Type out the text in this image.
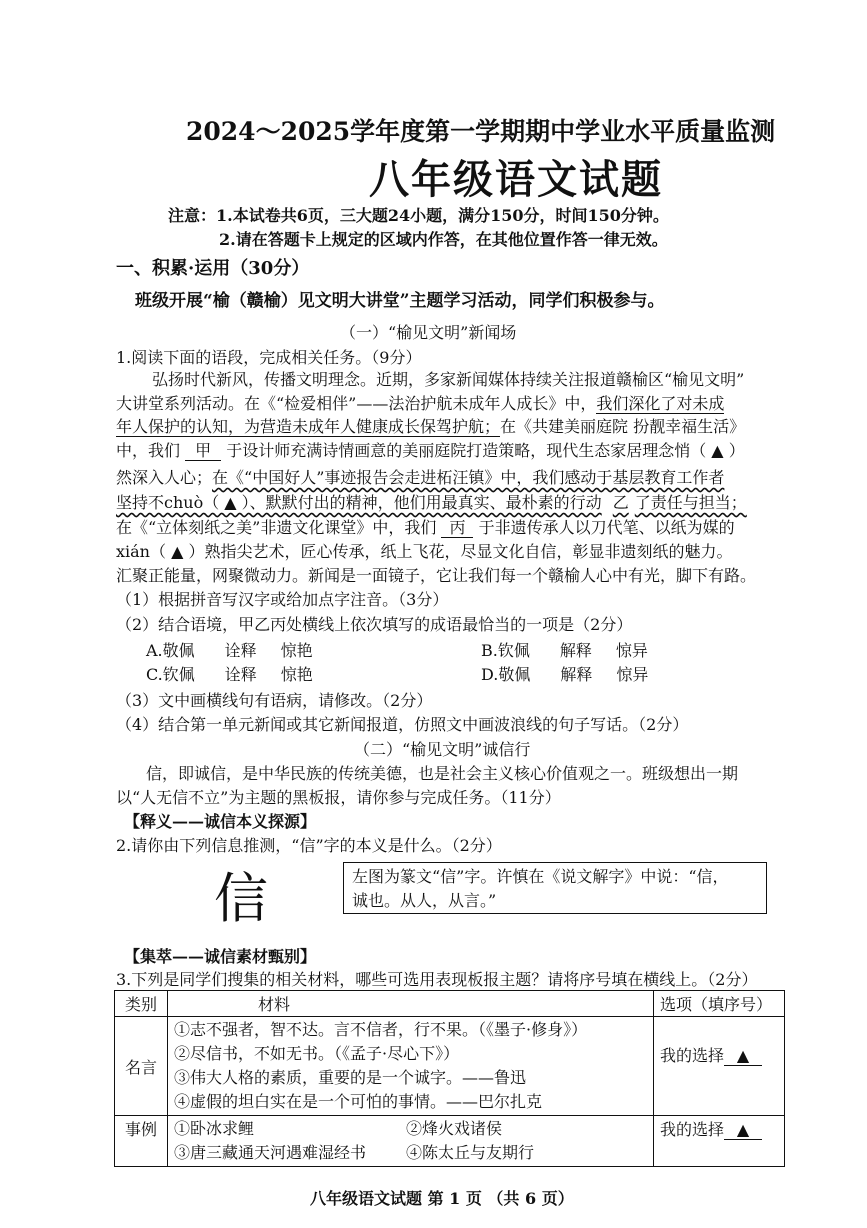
2024～2025学年度第一学期期中学业水平质量监测
八年级语文试题
注意：1.本试卷共6页，三大题24小题，满分150分，时间150分钟。
2.请在答题卡上规定的区域内作答，在其他位置作答一律无效。
一、积累·运用（30分）
班级开展“榆（赣榆）见文明大讲堂”主题学习活动，同学们积极参与。
（一）“榆见文明”新闻场
1.阅读下面的语段，完成相关任务。（9分）
弘扬时代新风，传播文明理念。近期，多家新闻媒体持续关注报道赣榆区“榆见文明”
大讲堂系列活动。在《“检爱相伴”——法治护航未成年人成长》中，我们深化了对未成
年人保护的认知，为营造未成年人健康成长保驾护航；在《共建美丽庭院 扮靓幸福生活》
中，我们 甲 于设计师充满诗情画意的美丽庭院打造策略，现代生态家居理念悄（ ▲ ）
然深入人心；在《“中国好人”事迹报告会走进柘汪镇》中，我们感动于基层教育工作者
坚持不chuò（ ▲ ）、默默付出的精神，他们用最真实、最朴素的行动 乙 了责任与担当；
在《“立体刻纸之美”非遗文化课堂》中，我们 丙 于非遗传承人以刀代笔、以纸为媒的
xián（ ▲ ）熟指尖艺术，匠心传承，纸上飞花，尽显文化自信，彰显非遗刻纸的魅力。
汇聚正能量，网聚微动力。新闻是一面镜子，它让我们每一个赣榆人心中有光，脚下有路。
（1）根据拼音写汉字或给加点字注音。（3分）
（2）结合语境，甲乙丙处横线上依次填写的成语最恰当的一项是（2分）
A.敬佩 诠释 惊艳	B.钦佩 解释 惊异
C.钦佩 诠释 惊艳	D.敬佩 解释 惊异
（3）文中画横线句有语病，请修改。（2分）
（4）结合第一单元新闻或其它新闻报道，仿照文中画波浪线的句子写话。（2分）
（二）“榆见文明”诚信行
信，即诚信，是中华民族的传统美德，也是社会主义核心价值观之一。班级想出一期
以“人无信不立”为主题的黑板报，请你参与完成任务。（11分）
【释义——诚信本义探源】
2.请你由下列信息推测，“信”字的本义是什么。（2分）
信	左图为篆文“信”字。许慎在《说文解字》中说：“信，
诚也。从人，从言。”
【集萃——诚信素材甄别】
3.下列是同学们搜集的相关材料，哪些可选用表现板报主题？请将序号填在横线上。（2分）
类别	材料	选项（填序号）
名言	①志不强者，智不达。言不信者，行不果。（《墨子·修身》）
②尽信书，不如无书。（《孟子·尽心下》）
③伟大人格的素质，重要的是一个诚字。——鲁迅
④虚假的坦白实在是一个可怕的事情。——巴尔扎克	我的选择 ▲
事例	①卧冰求鲤 ②烽火戏诸侯
③唐三藏通天河遇难湿经书 ④陈太丘与友期行	我的选择 ▲
八年级语文试题 第 1 页 （共 6 页）
